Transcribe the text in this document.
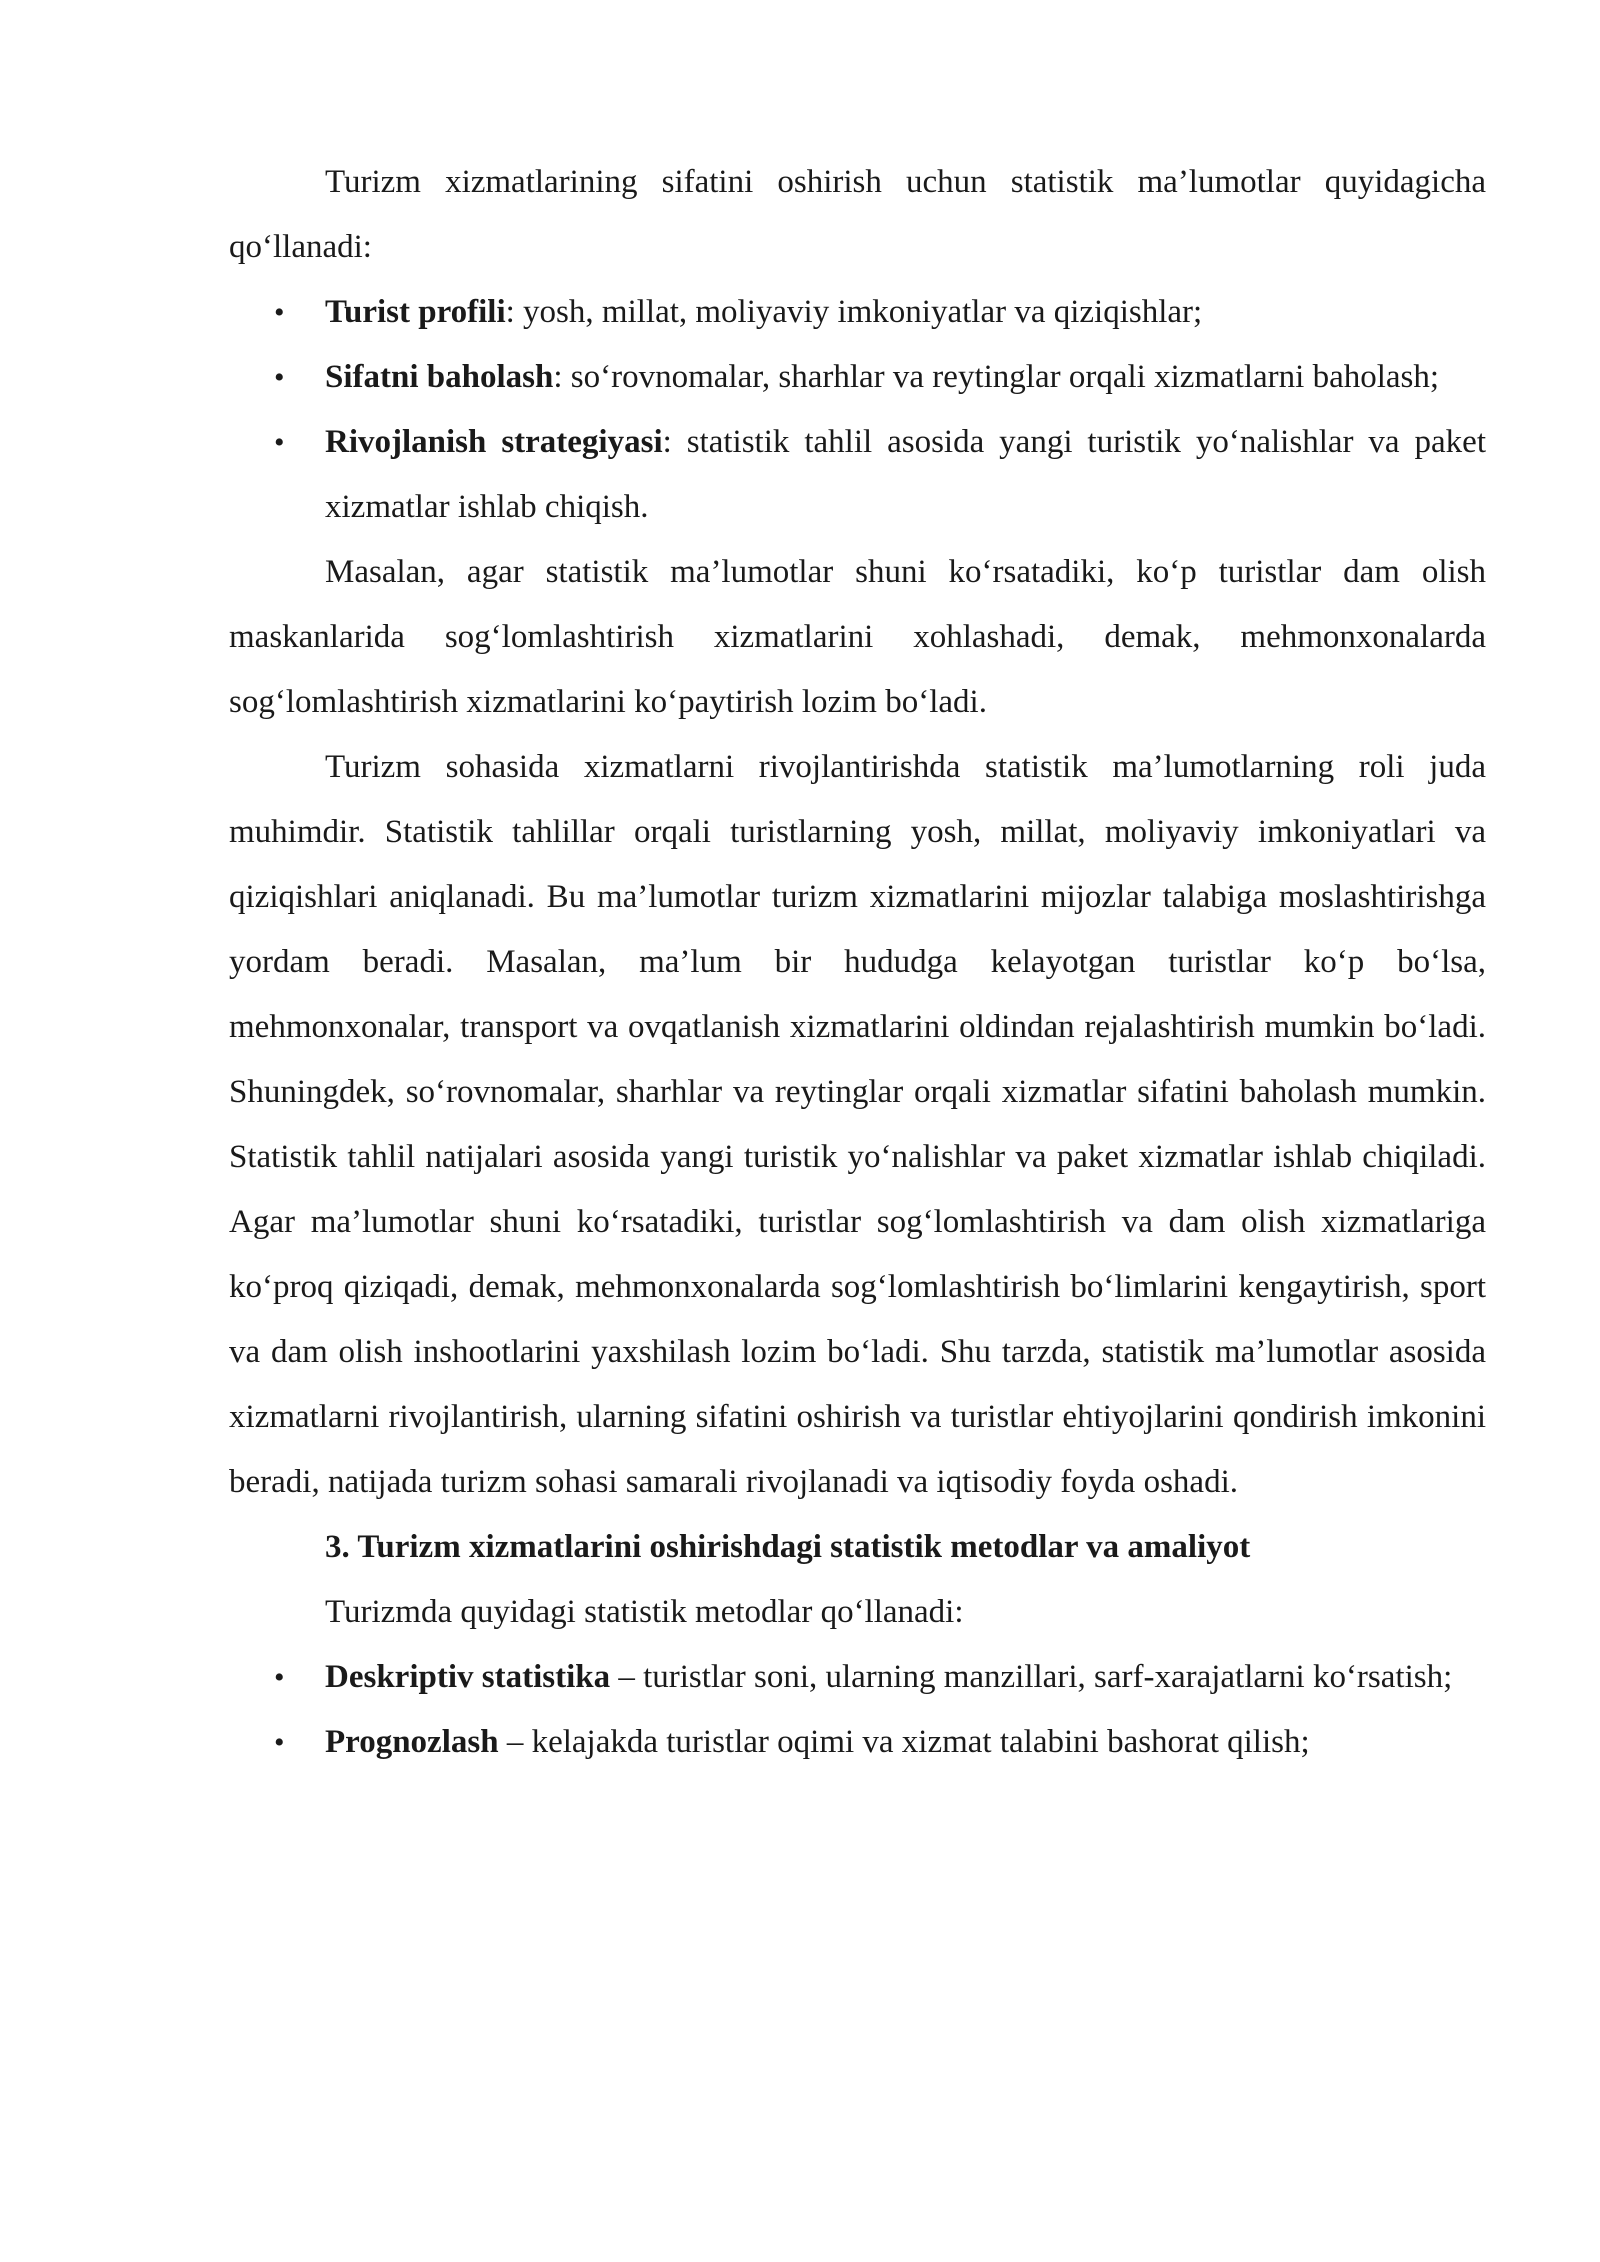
Turizm xizmatlarining sifatini oshirish uchun statistik ma’lumotlar quyidagicha qo‘llanadi:

• Turist profili: yosh, millat, moliyaviy imkoniyatlar va qiziqishlar;
• Sifatni baholash: so‘rovnomalar, sharhlar va reytinglar orqali xizmatlarni baholash;
• Rivojlanish strategiyasi: statistik tahlil asosida yangi turistik yo‘nalishlar va paket xizmatlar ishlab chiqish.

Masalan, agar statistik ma’lumotlar shuni ko‘rsatadiki, ko‘p turistlar dam olish maskanlarida sog‘lomlashtirish xizmatlarini xohlashadi, demak, mehmonxonalarda sog‘lomlashtirish xizmatlarini ko‘paytirish lozim bo‘ladi.

Turizm sohasida xizmatlarni rivojlantirishda statistik ma’lumotlarning roli juda muhimdir. Statistik tahlillar orqali turistlarning yosh, millat, moliyaviy imkoniyatlari va qiziqishlari aniqlanadi. Bu ma’lumotlar turizm xizmatlarini mijozlar talabiga moslashtirishga yordam beradi. Masalan, ma’lum bir hududga kelayotgan turistlar ko‘p bo‘lsa, mehmonxonalar, transport va ovqatlanish xizmatlarini oldindan rejalashtirish mumkin bo‘ladi. Shuningdek, so‘rovnomalar, sharhlar va reytinglar orqali xizmatlar sifatini baholash mumkin. Statistik tahlil natijalari asosida yangi turistik yo‘nalishlar va paket xizmatlar ishlab chiqiladi. Agar ma’lumotlar shuni ko‘rsatadiki, turistlar sog‘lomlashtirish va dam olish xizmatlariga ko‘proq qiziqadi, demak, mehmonxonalarda sog‘lomlashtirish bo‘limlarini kengaytirish, sport va dam olish inshootlarini yaxshilash lozim bo‘ladi. Shu tarzda, statistik ma’lumotlar asosida xizmatlarni rivojlantirish, ularning sifatini oshirish va turistlar ehtiyojlarini qondirish imkonini beradi, natijada turizm sohasi samarali rivojlanadi va iqtisodiy foyda oshadi.

3. Turizm xizmatlarini oshirishdagi statistik metodlar va amaliyot

Turizmda quyidagi statistik metodlar qo‘llanadi:

• Deskriptiv statistika – turistlar soni, ularning manzillari, sarf-xarajatlarni ko‘rsatish;
• Prognozlash – kelajakda turistlar oqimi va xizmat talabini bashorat qilish;
